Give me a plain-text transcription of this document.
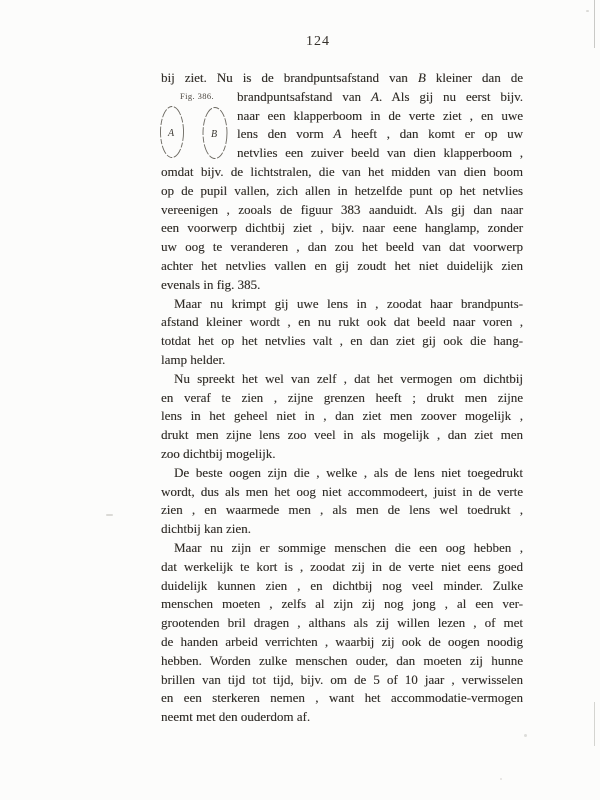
124
Fig. 386.
A	B
bij ziet. Nu is de brandpuntsafstand van B kleiner dan de
brandpuntsafstand van A. Als gij nu eerst bijv.
naar een klapperboom in de verte ziet , en uwe
lens den vorm A heeft , dan komt er op uw
netvlies een zuiver beeld van dien klapperboom ,
omdat bijv. de lichtstralen, die van het midden van dien boom
op de pupil vallen, zich allen in hetzelfde punt op het netvlies
vereenigen , zooals de figuur 383 aanduidt. Als gij dan naar
een voorwerp dichtbij ziet , bijv. naar eene hanglamp, zonder
uw oog te veranderen , dan zou het beeld van dat voorwerp
achter het netvlies vallen en gij zoudt het niet duidelijk zien
evenals in fig. 385.
Maar nu krimpt gij uwe lens in , zoodat haar brandpunts-
afstand kleiner wordt , en nu rukt ook dat beeld naar voren ,
totdat het op het netvlies valt , en dan ziet gij ook die hang-
lamp helder.
Nu spreekt het wel van zelf , dat het vermogen om dichtbij
en veraf te zien , zijne grenzen heeft ; drukt men zijne
lens in het geheel niet in , dan ziet men zoover mogelijk ,
drukt men zijne lens zoo veel in als mogelijk , dan ziet men
zoo dichtbij mogelijk.
De beste oogen zijn die , welke , als de lens niet toegedrukt
wordt, dus als men het oog niet accommodeert, juist in de verte
zien , en waarmede men , als men de lens wel toedrukt ,
dichtbij kan zien.
Maar nu zijn er sommige menschen die een oog hebben ,
dat werkelijk te kort is , zoodat zij in de verte niet eens goed
duidelijk kunnen zien , en dichtbij nog veel minder. Zulke
menschen moeten , zelfs al zijn zij nog jong , al een ver-
grootenden bril dragen , althans als zij willen lezen , of met
de handen arbeid verrichten , waarbij zij ook de oogen noodig
hebben. Worden zulke menschen ouder, dan moeten zij hunne
brillen van tijd tot tijd, bijv. om de 5 of 10 jaar , verwisselen
en een sterkeren nemen , want het accommodatie-vermogen
neemt met den ouderdom af.
